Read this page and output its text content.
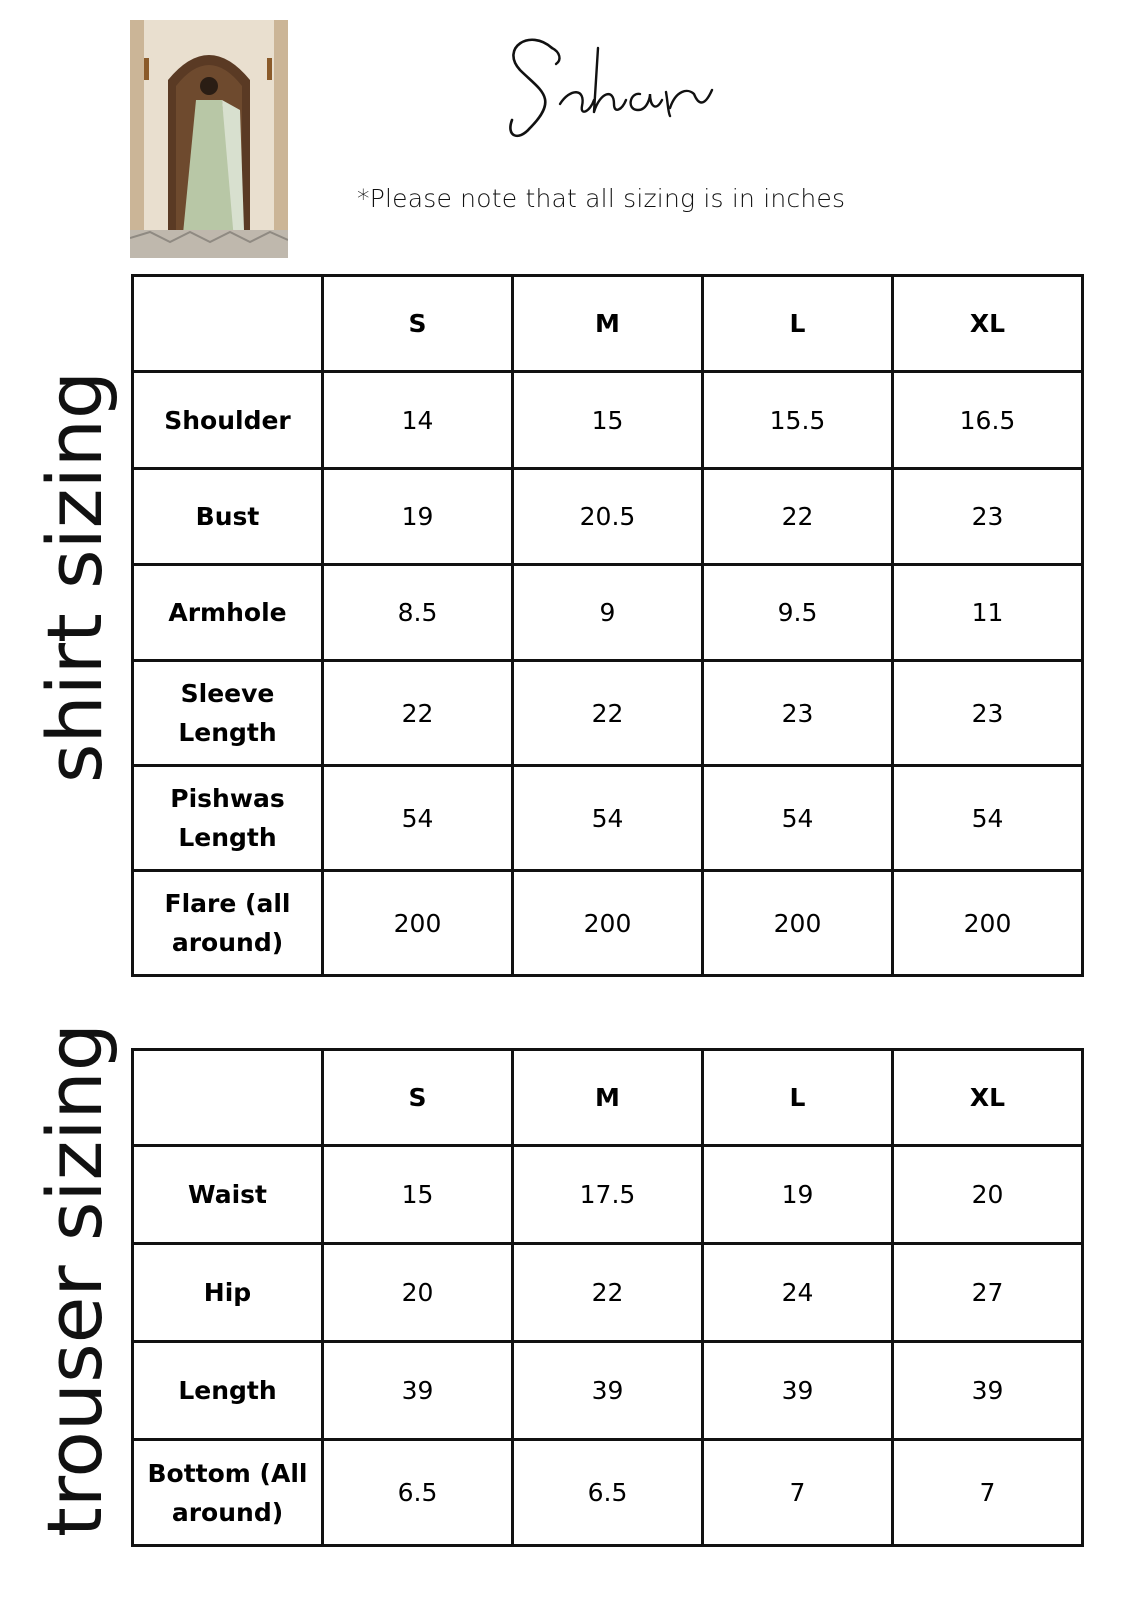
*Please note that all sizing is in inches
shirt sizing
trouser sizing
	S	M	L	XL
Shoulder	14	15	15.5	16.5
Bust	19	20.5	22	23
Armhole	8.5	9	9.5	11
Sleeve Length	22	22	23	23
Pishwas Length	54	54	54	54
Flare (all around)	200	200	200	200
	S	M	L	XL
Waist	15	17.5	19	20
Hip	20	22	24	27
Length	39	39	39	39
Bottom (All around)	6.5	6.5	7	7
